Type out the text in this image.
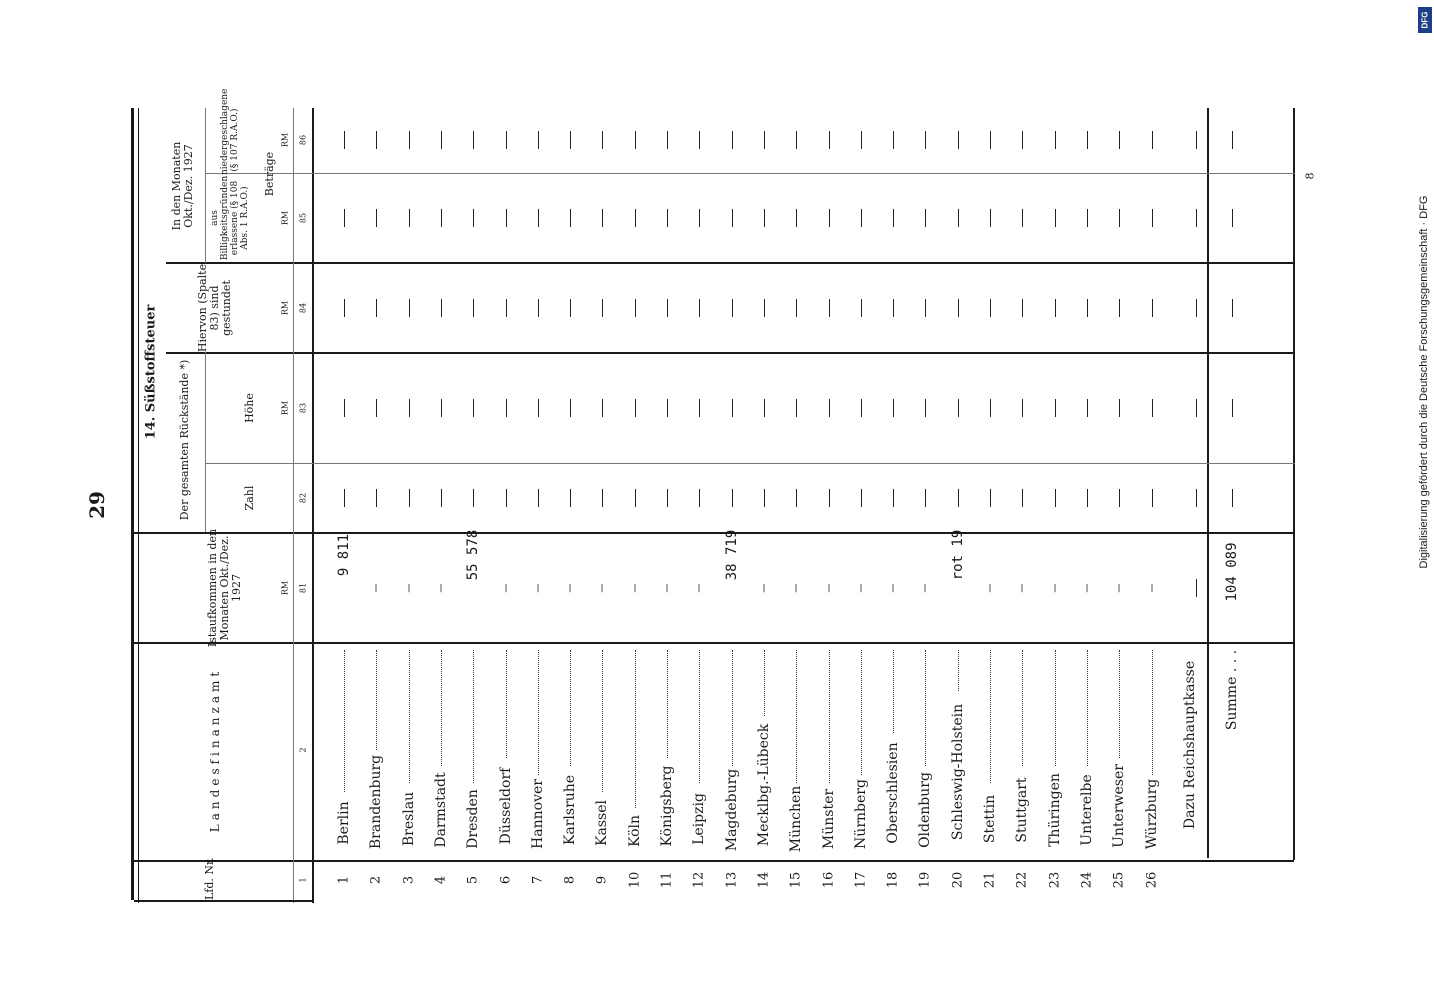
29
14. Süßstoffsteuer	Digitalisierung gefördert durch die Deutsche Forschungsgemeinschaft · DFG
DFG
8
Lfd. Nr.
Landesfinanzamt
Istaufkommen in den Monaten Okt./Dez. 1927
Der gesamten Rückstände *)	Zahl
Höhe
Hiervon (Spalte 83) sind gestundet
In den Monaten Okt./Dez. 1927 aus Billigkeitsgründen erlassene (§ 108 Abs. 1 R.A.O.)
niedergeschlagene (§ 107 R.A.O.)
Beträge
RM
RM
RM
RM
RM
1
2
81
82
83
84
85
86
1
Berlin
9 811
2
Brandenburg
—
3
Breslau
—
4
Darmstadt
—
5
Dresden
55 578
6
Düsseldorf
—
7
Hannover
—
8
Karlsruhe
—
9
Kassel
—
10
Köln
—
11
Königsberg
—
12
Leipzig
—
13
Magdeburg
38 719
14
Mecklbg.-Lübeck
—
15
München
—
16
Münster
—
17
Nürnberg
—
18
Oberschlesien
—
19
Oldenburg
—
20
Schleswig-Holstein
rot 19
21
Stettin
—
22
Stuttgart
—
23
Thüringen
—
24
Unterelbe
—
25
Unterweser
—
26
Würzburg
—
Dazu Reichshauptkasse Summe . . .
104 089
